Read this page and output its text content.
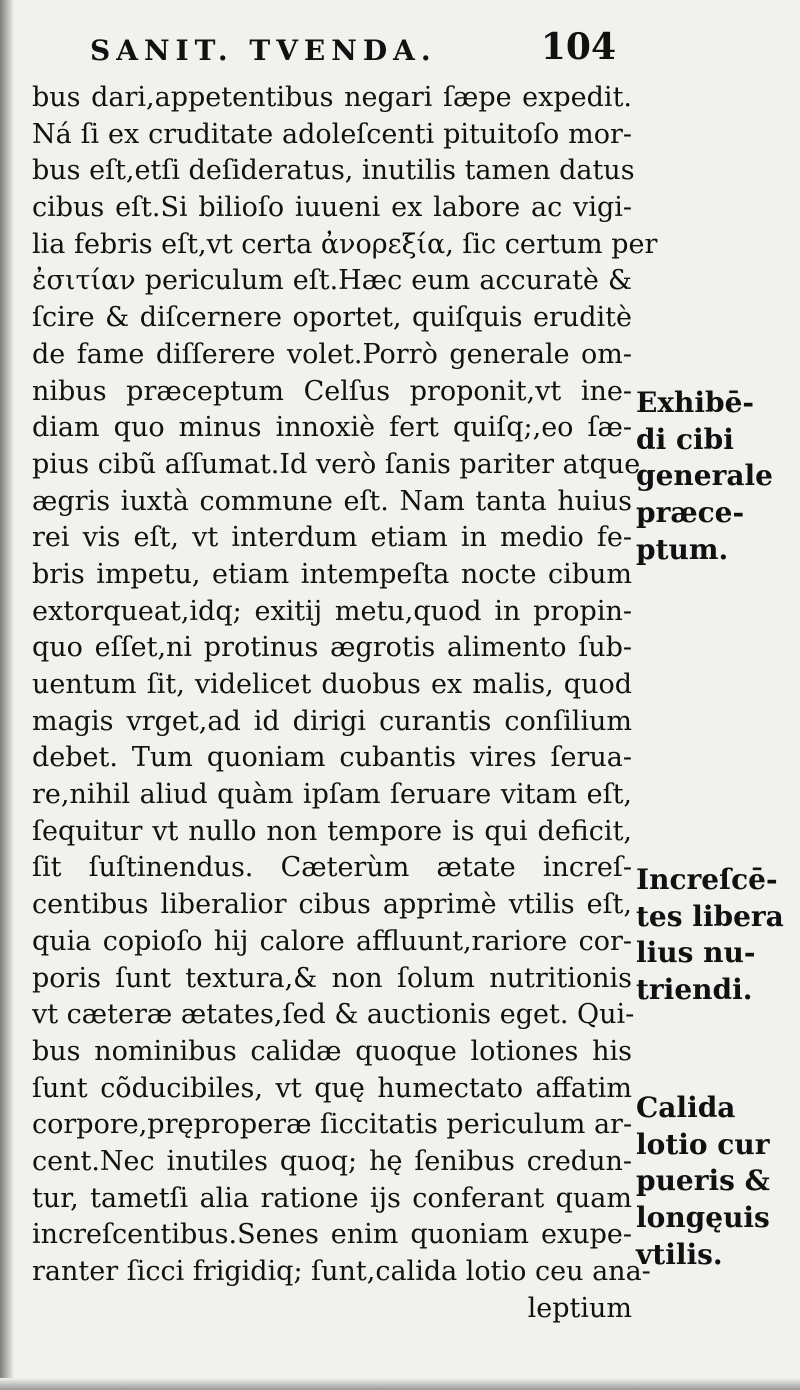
SANIT. TVENDA.	104
bus dari,appetentibus negari ſæpe expedit.
Ná ſi ex cruditate adoleſcenti pituitoſo mor-
bus eſt,etſi deſideratus, inutilis tamen datus
cibus eſt.Si bilioſo iuueni ex labore ac vigi-
lia febris eſt,vt certa ἀνορεξία, ſic certum per
ἐσιτίαν periculum eſt.Hæc eum accuratè &
ſcire & diſcernere oportet, quiſquis eruditè
de fame diſſerere volet.Porrò generale om-
nibus præceptum Celſus proponit,vt ine-
diam quo minus innoxiè fert quiſq;,eo ſæ-
pius cibũ aſſumat.Id verò ſanis pariter atque
ægris iuxtà commune eſt. Nam tanta huius
rei vis eſt, vt interdum etiam in medio fe-
bris impetu, etiam intempeſta nocte cibum
extorqueat,idq; exitij metu,quod in propin-
quo eſſet,ni protinus ægrotis alimento ſub-
uentum ſit, videlicet duobus ex malis, quod
magis vrget,ad id dirigi curantis conſilium
debet. Tum quoniam cubantis vires ſerua-
re,nihil aliud quàm ipſam ſeruare vitam eſt,
ſequitur vt nullo non tempore is qui deficit,
ſit ſuſtinendus. Cæterùm ætate increſ-
centibus liberalior cibus apprimè vtilis eſt,
quia copioſo hij calore affluunt,rariore cor-
poris ſunt textura,& non ſolum nutritionis
vt cæteræ ætates,ſed & auctionis eget. Qui-
bus nominibus calidæ quoque lotiones his
ſunt cõducibiles, vt quę humectato affatim
corpore,pręproperæ ſiccitatis periculum ar-
cent.Nec inutiles quoq; hę ſenibus credun-
tur, tametſi alia ratione ijs conferant quam
increſcentibus.Senes enim quoniam exupe-
ranter ſicci frigidiq; ſunt,calida lotio ceu ana-
leptium
Exhibē-
di cibi
generale
præce-
ptum.
Increſcē-
tes libera
lius nu-
triendi.
Calida
lotio cur
pueris &
longęuis
vtilis.
